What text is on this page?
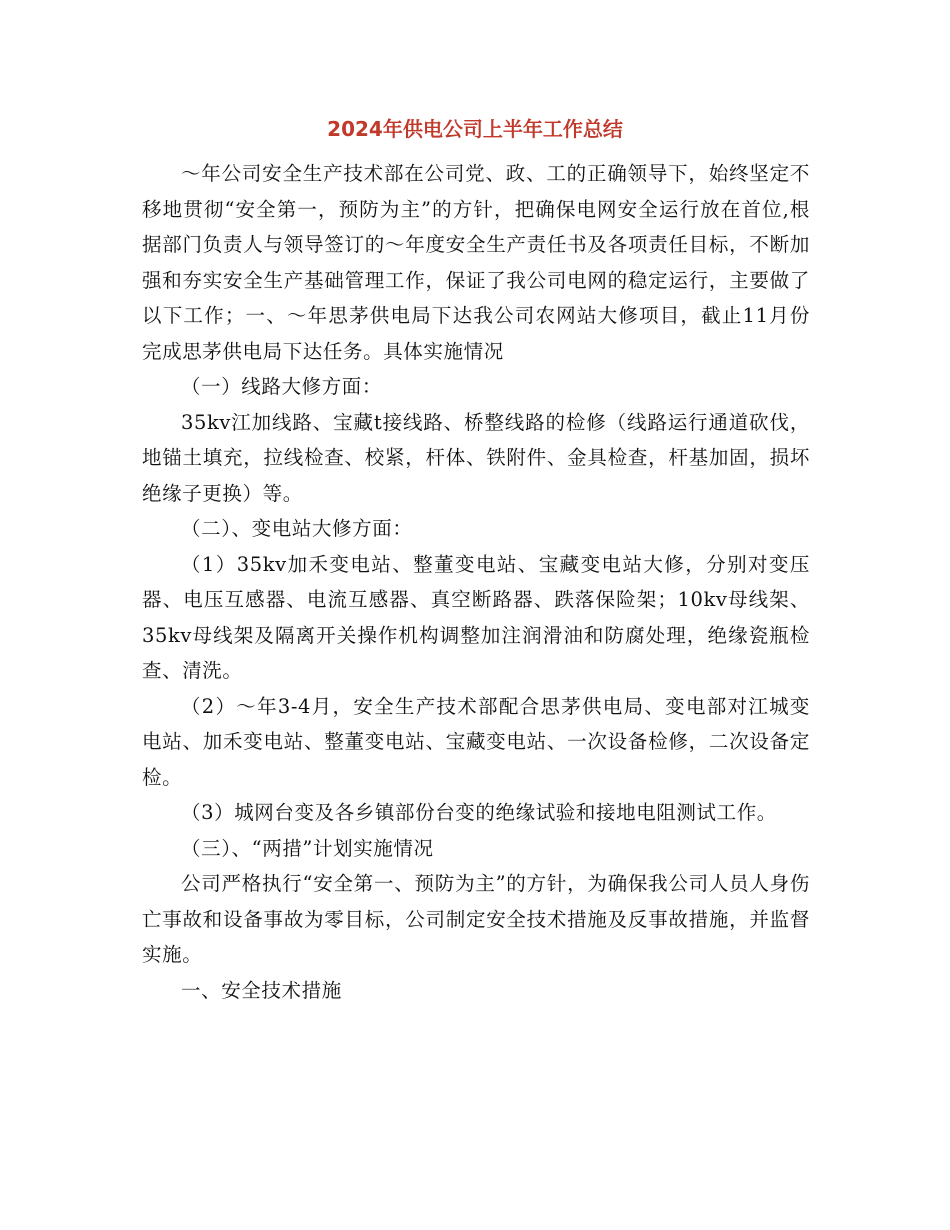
2024年供电公司上半年工作总结

～年公司安全生产技术部在公司党、政、工的正确领导下，始终坚定不移地贯彻“安全第一，预防为主”的方针，把确保电网安全运行放在首位,根据部门负责人与领导签订的～年度安全生产责任书及各项责任目标，不断加强和夯实安全生产基础管理工作，保证了我公司电网的稳定运行，主要做了以下工作；一、～年思茅供电局下达我公司农网站大修项目，截止11月份完成思茅供电局下达任务。具体实施情况

（一）线路大修方面：

35kv江加线路、宝藏t接线路、桥整线路的检修（线路运行通道砍伐，地锚土填充，拉线检查、校紧，杆体、铁附件、金具检查，杆基加固，损坏绝缘子更换）等。

（二）、变电站大修方面：

（1）35kv加禾变电站、整董变电站、宝藏变电站大修，分别对变压器、电压互感器、电流互感器、真空断路器、跌落保险架；10kv母线架、35kv母线架及隔离开关操作机构调整加注润滑油和防腐处理，绝缘瓷瓶检查、清洗。

（2）～年3-4月，安全生产技术部配合思茅供电局、变电部对江城变电站、加禾变电站、整董变电站、宝藏变电站、一次设备检修，二次设备定检。

（3）城网台变及各乡镇部份台变的绝缘试验和接地电阻测试工作。

（三）、“两措”计划实施情况

公司严格执行“安全第一、预防为主”的方针，为确保我公司人员人身伤亡事故和设备事故为零目标，公司制定安全技术措施及反事故措施，并监督实施。

一、安全技术措施
